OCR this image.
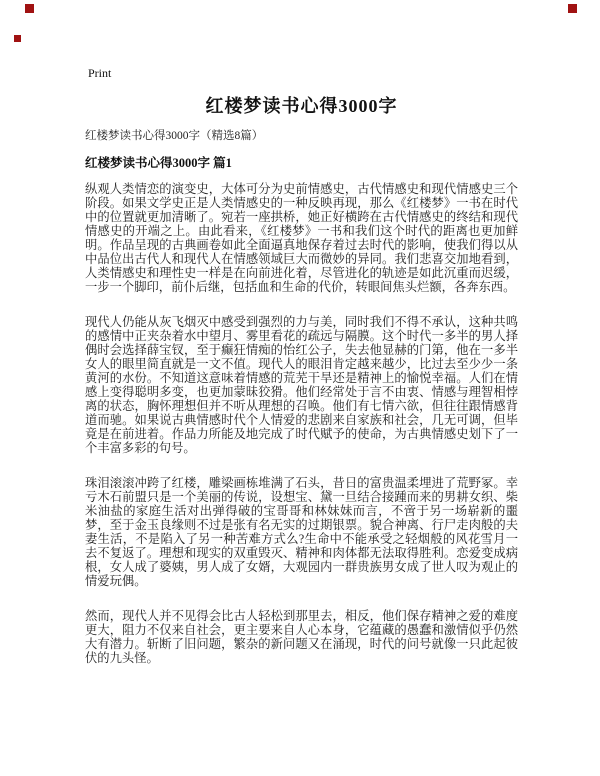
Print
红楼梦读书心得3000字

红楼梦读书心得3000字（精选8篇）

红楼梦读书心得3000字 篇1

纵观人类情恋的演变史，大体可分为史前情感史，古代情感史和现代情感史三个阶段。如果文学史正是人类情感史的一种反映再现，那么《红楼梦》一书在时代中的位置就更加清晰了。宛若一座拱桥，她正好横跨在古代情感史的终结和现代情感史的开端之上。由此看来，《红楼梦》一书和我们这个时代的距离也更加鲜明。作品呈现的古典画卷如此全面逼真地保存着过去时代的影响，使我们得以从中品位出古代人和现代人在情感领域巨大而微妙的异同。我们悲喜交加地看到，人类情感史和理性史一样是在向前进化着，尽管进化的轨迹是如此沉重而迟缓，一步一个脚印，前仆后继，包括血和生命的代价，转眼间焦头烂额，各奔东西。

现代人仍能从灰飞烟灭中感受到强烈的力与美，同时我们不得不承认，这种共鸣的感情中正夹杂着水中望月、雾里看花的疏远与隔膜。这个时代一多半的男人择偶时会选择薛宝钗，至于癫狂情痴的怡红公子，失去他显赫的门第，他在一多半女人的眼里简直就是一文不值。现代人的眼泪肯定越来越少，比过去至少少一条黄河的水份。不知道这意味着情感的荒芜干旱还是精神上的愉悦幸福。人们在情感上变得聪明多变，也更加蒙昧狡猾。他们经常处于言不由衷、情感与理智相悖离的状态，胸怀理想但并不听从理想的召唤。他们有七情六欲，但往往跟情感背道而驰。如果说古典情感时代个人情爱的悲剧来自家族和社会，几无可调，但毕竟是在前进着。作品力所能及地完成了时代赋予的使命，为古典情感史划下了一个丰富多彩的句号。

珠泪滚滚冲跨了红楼，雕梁画栋堆满了石头，昔日的富贵温柔埋进了荒野冢。幸亏木石前盟只是一个美丽的传说，设想宝、黛一旦结合接踵而来的男耕女织、柴米油盐的家庭生活对出弹得破的宝哥哥和林妹妹而言，不啻于另一场崭新的噩梦，至于金玉良缘则不过是张有名无实的过期银票。貌合神离、行尸走肉般的夫妻生活，不是陷入了另一种苦难方式么?生命中不能承受之轻烟般的风花雪月一去不复返了。理想和现实的双重毁灭、精神和肉体都无法取得胜利。恋爱变成病根，女人成了婆姨，男人成了女婿，大观园内一群贵族男女成了世人叹为观止的情爱玩偶。

然而，现代人并不见得会比古人轻松到那里去，相反，他们保存精神之爱的难度更大，阻力不仅来自社会，更主要来自人心本身，它蕴藏的愚蠢和激情似乎仍然大有潜力。斩断了旧问题，繁杂的新问题又在涌现，时代的问号就像一只此起彼伏的九头怪。
